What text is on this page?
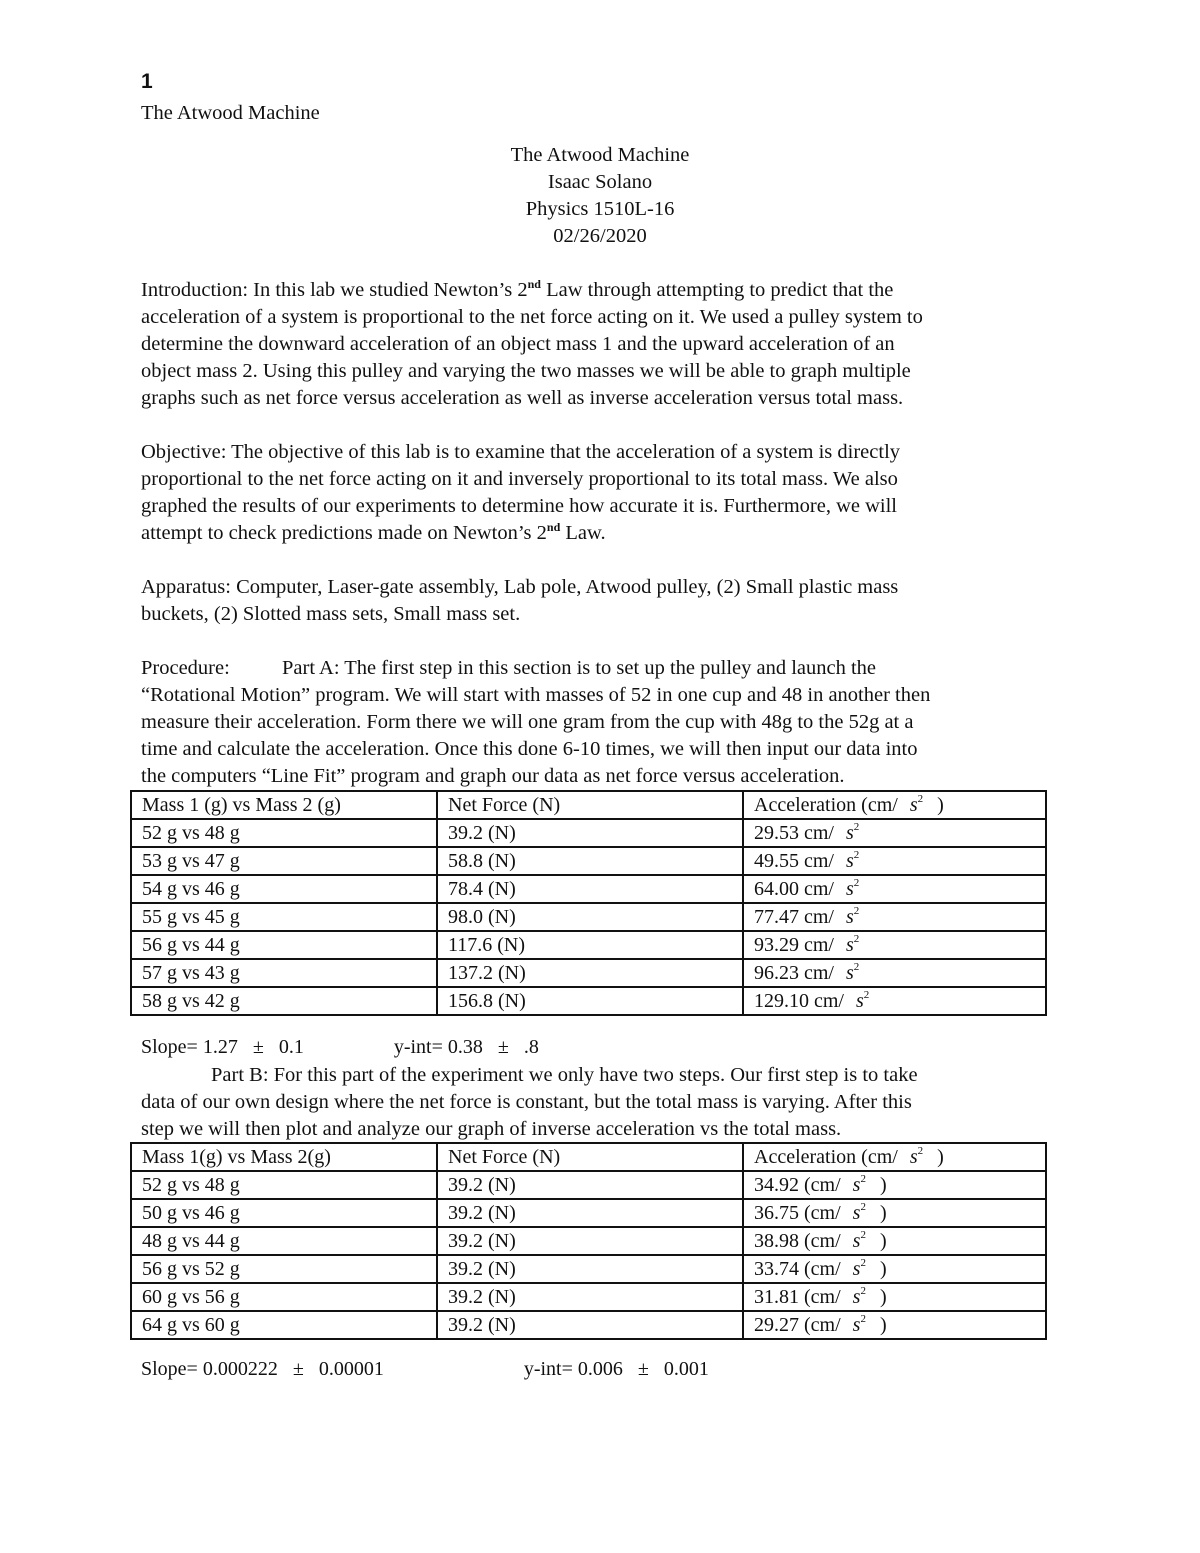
1
The Atwood Machine
The Atwood Machine
Isaac Solano
Physics 1510L-16
02/26/2020
Introduction: In this lab we studied Newton’s 2nd Law through attempting to predict that the
acceleration of a system is proportional to the net force acting on it. We used a pulley system to
determine the downward acceleration of an object mass 1 and the upward acceleration of an
object mass 2. Using this pulley and varying the two masses we will be able to graph multiple
graphs such as net force versus acceleration as well as inverse acceleration versus total mass.
Objective: The objective of this lab is to examine that the acceleration of a system is directly
proportional to the net force acting on it and inversely proportional to its total mass. We also
graphed the results of our experiments to determine how accurate it is. Furthermore, we will
attempt to check predictions made on Newton’s 2nd Law.
Apparatus: Computer, Laser-gate assembly, Lab pole, Atwood pulley, (2) Small plastic mass
buckets, (2) Slotted mass sets, Small mass set.
Procedure:	Part A: The first step in this section is to set up the pulley and launch the
“Rotational Motion” program. We will start with masses of 52 in one cup and 48 in another then
measure their acceleration. Form there we will one gram from the cup with 48g to the 52g at a
time and calculate the acceleration. Once this done 6-10 times, we will then input our data into
the computers “Line Fit” program and graph our data as net force versus acceleration.
Mass 1 (g) vs Mass 2 (g)	Net Force (N)	Acceleration (cm/ $s^2$ )
52 g vs 48 g	39.2 (N)	29.53 cm/ $s^2$
53 g vs 47 g	58.8 (N)	49.55 cm/ $s^2$
54 g vs 46 g	78.4 (N)	64.00 cm/ $s^2$
55 g vs 45 g	98.0 (N)	77.47 cm/ $s^2$
56 g vs 44 g	117.6 (N)	93.29 cm/ $s^2$
57 g vs 43 g	137.2 (N)	96.23 cm/ $s^2$
58 g vs 42 g	156.8 (N)	129.10 cm/ $s^2$
Slope= 1.27   ±   0.1	y-int= 0.38   ±   .8
Part B: For this part of the experiment we only have two steps. Our first step is to take
data of our own design where the net force is constant, but the total mass is varying. After this
step we will then plot and analyze our graph of inverse acceleration vs the total mass.
Mass 1(g) vs Mass 2(g)	Net Force (N)	Acceleration (cm/ $s^2$ )
52 g vs 48 g	39.2 (N)	34.92 (cm/ $s^2$ )
50 g vs 46 g	39.2 (N)	36.75 (cm/ $s^2$ )
48 g vs 44 g	39.2 (N)	38.98 (cm/ $s^2$ )
56 g vs 52 g	39.2 (N)	33.74 (cm/ $s^2$ )
60 g vs 56 g	39.2 (N)	31.81 (cm/ $s^2$ )
64 g vs 60 g	39.2 (N)	29.27 (cm/ $s^2$ )
Slope= 0.000222   ±   0.00001	y-int= 0.006   ±   0.001
